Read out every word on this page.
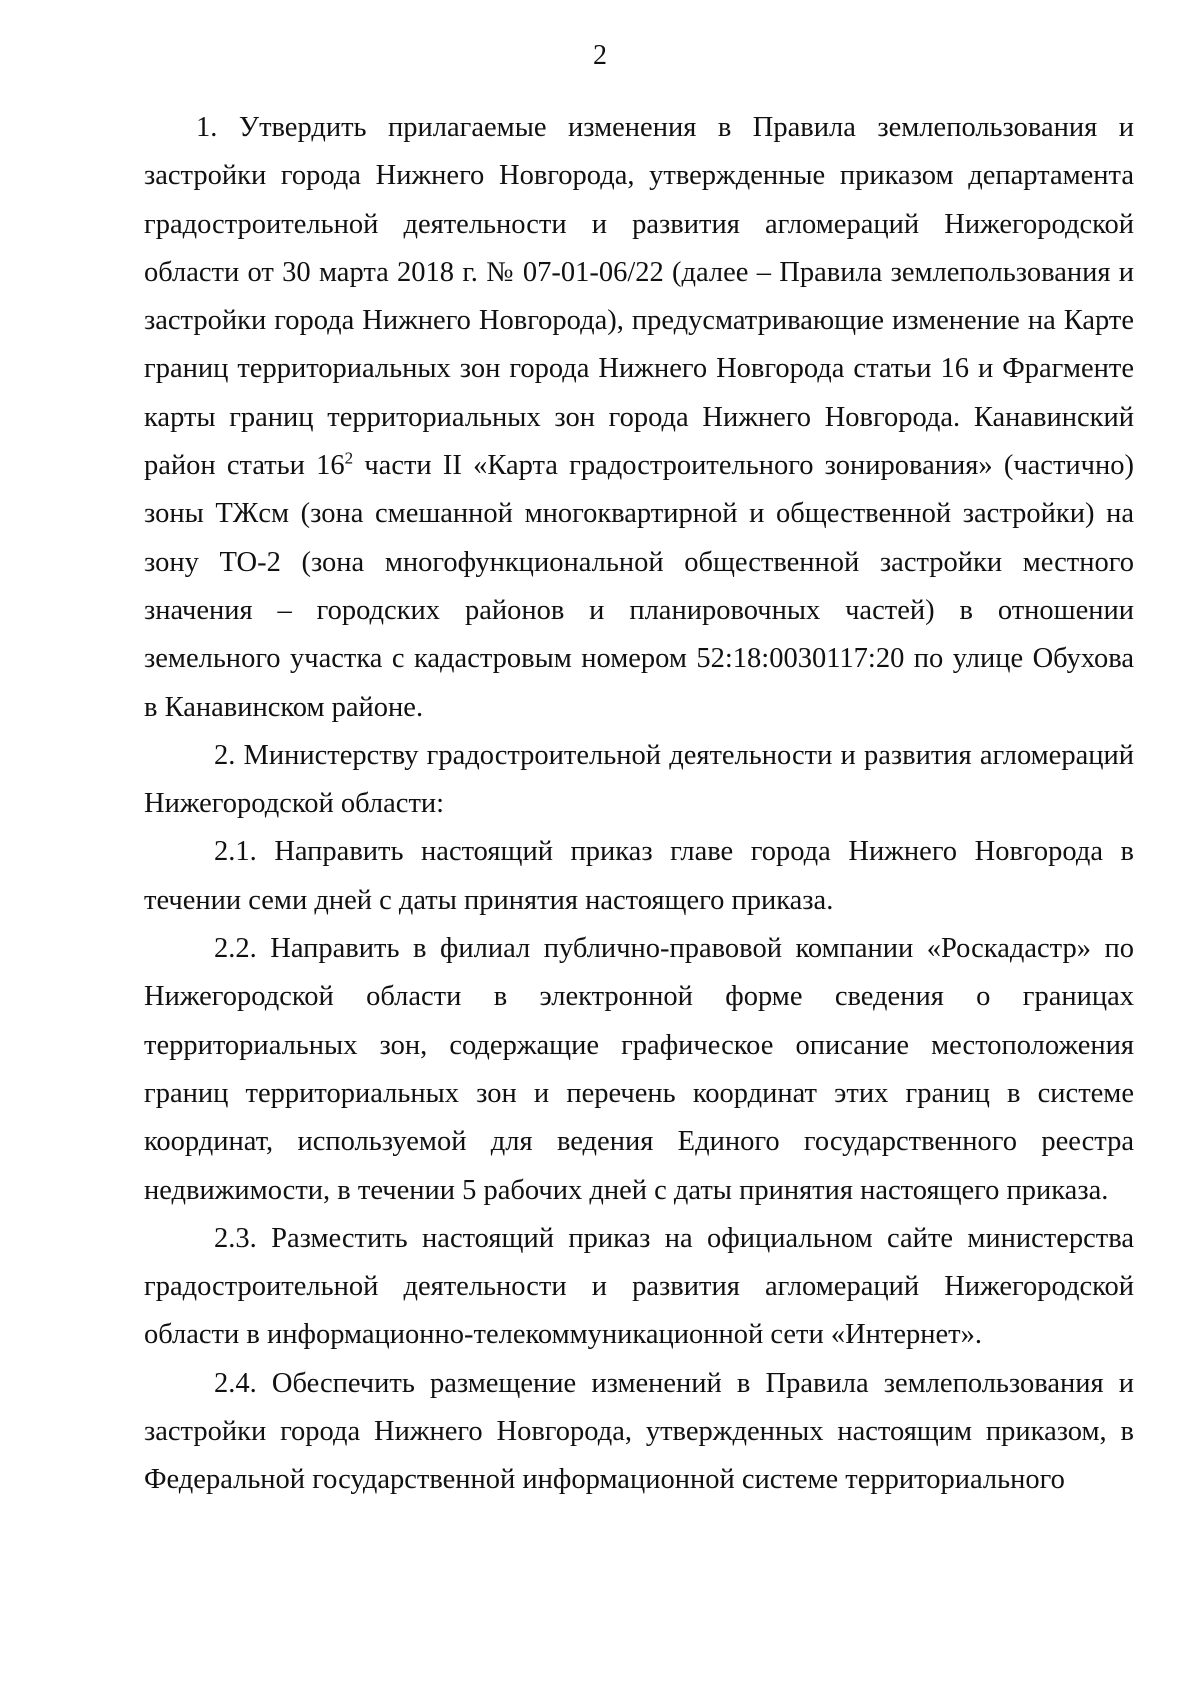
2

1. Утвердить прилагаемые изменения в Правила землепользования и застройки города Нижнего Новгорода, утвержденные приказом департамента градостроительной деятельности и развития агломераций Нижегородской области от 30 марта 2018 г. № 07-01-06/22 (далее – Правила землепользования и застройки города Нижнего Новгорода), предусматривающие изменение на Карте границ территориальных зон города Нижнего Новгорода статьи 16 и Фрагменте карты границ территориальных зон города Нижнего Новгорода. Канавинский район статьи $16^2$ части II «Карта градостроительного зонирования» (частично) зоны ТЖсм (зона смешанной многоквартирной и общественной застройки) на зону ТО-2 (зона многофункциональной общественной застройки местного значения – городских районов и планировочных частей) в отношении земельного участка с кадастровым номером 52:18:0030117:20 по улице Обухова в Канавинском районе.

2. Министерству градостроительной деятельности и развития агломераций Нижегородской области:

2.1. Направить настоящий приказ главе города Нижнего Новгорода в течении семи дней с даты принятия настоящего приказа.

2.2. Направить в филиал публично-правовой компании «Роскадастр» по Нижегородской области в электронной форме сведения о границах территориальных зон, содержащие графическое описание местоположения границ территориальных зон и перечень координат этих границ в системе координат, используемой для ведения Единого государственного реестра недвижимости, в течении 5 рабочих дней с даты принятия настоящего приказа.

2.3. Разместить настоящий приказ на официальном сайте министерства градостроительной деятельности и развития агломераций Нижегородской области в информационно-телекоммуникационной сети «Интернет».

2.4. Обеспечить размещение изменений в Правила землепользования и застройки города Нижнего Новгорода, утвержденных настоящим приказом, в Федеральной государственной информационной системе территориального
